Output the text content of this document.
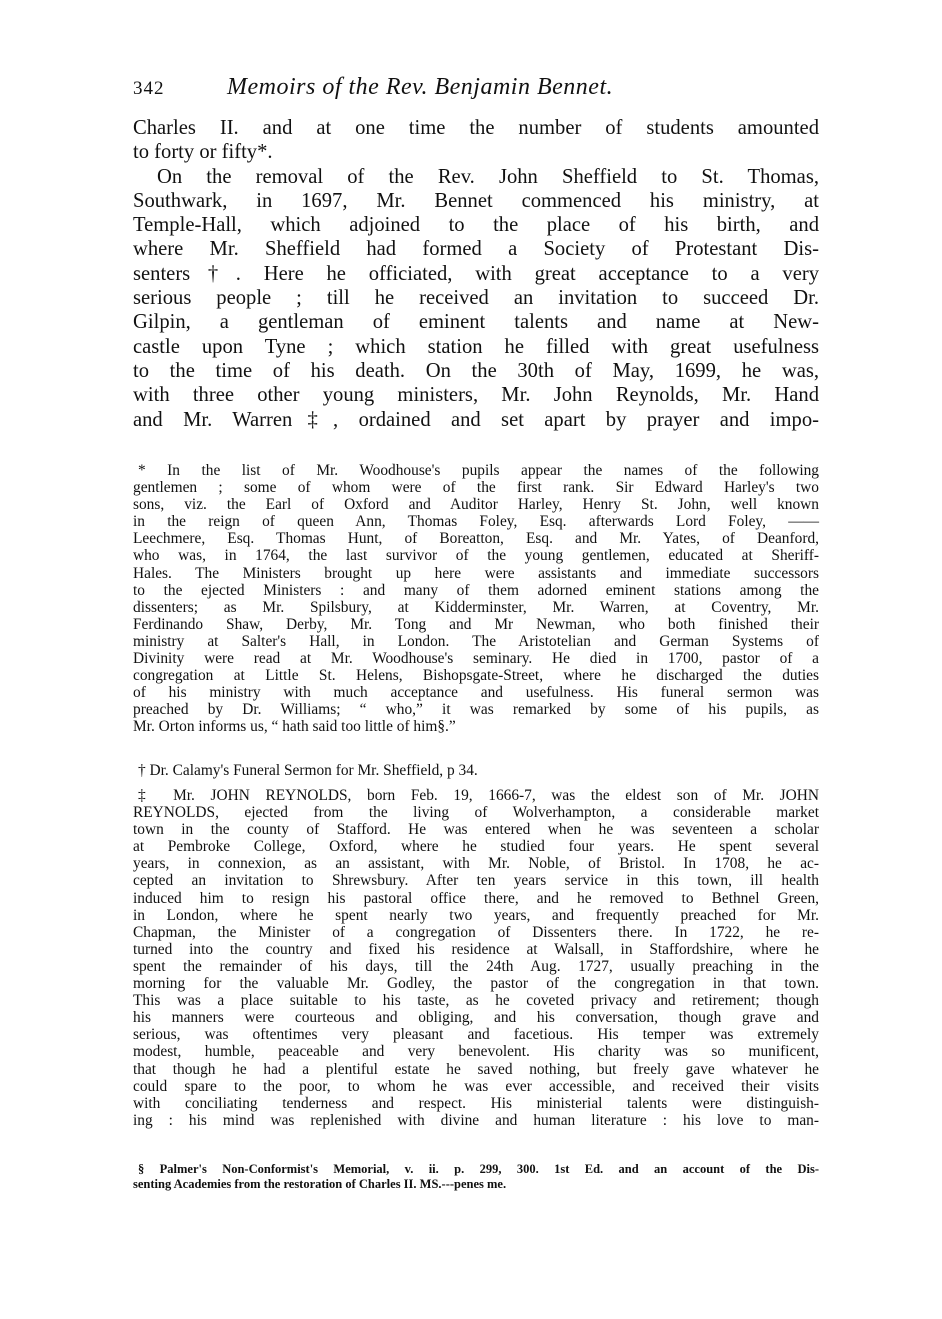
342	Memoirs of the Rev. Benjamin Bennet.
Charles II. and at one time the number of students amounted
to forty or fifty*.
On the removal of the Rev. John Sheffield to St. Thomas,
Southwark, in 1697, Mr. Bennet commenced his ministry, at
Temple-Hall, which adjoined to the place of his birth, and
where Mr. Sheffield had formed a Society of Protestant Dis-
senters†. Here he officiated, with great acceptance to a very
serious people ; till he received an invitation to succeed Dr.
Gilpin, a gentleman of eminent talents and name at New-
castle upon Tyne ; which station he filled with great usefulness
to the time of his death. On the 30th of May, 1699, he was,
with three other young ministers, Mr. John Reynolds, Mr. Hand
and Mr. Warren‡, ordained and set apart by prayer and impo-
* In the list of Mr. Woodhouse's pupils appear the names of the following
gentlemen ; some of whom were of the first rank. Sir Edward Harley's two
sons, viz. the Earl of Oxford and Auditor Harley, Henry St. John, well known
in the reign of queen Ann, Thomas Foley, Esq. afterwards Lord Foley, ——
Leechmere, Esq. Thomas Hunt, of Boreatton, Esq. and Mr. Yates, of Deanford,
who was, in 1764, the last survivor of the young gentlemen, educated at Sheriff-
Hales. The Ministers brought up here were assistants and immediate successors
to the ejected Ministers : and many of them adorned eminent stations among the
dissenters; as Mr. Spilsbury, at Kidderminster, Mr. Warren, at Coventry, Mr.
Ferdinando Shaw, Derby, Mr. Tong and Mr Newman, who both finished their
ministry at Salter's Hall, in London. The Aristotelian and German Systems of
Divinity were read at Mr. Woodhouse's seminary. He died in 1700, pastor of a
congregation at Little St. Helens, Bishopsgate-Street, where he discharged the duties
of his ministry with much acceptance and usefulness. His funeral sermon was
preached by Dr. Williams; “ who,” it was remarked by some of his pupils, as
Mr. Orton informs us, “ hath said too little of him§.”
† Dr. Calamy's Funeral Sermon for Mr. Sheffield, p 34.
‡ Mr. JOHN REYNOLDS, born Feb. 19, 1666-7, was the eldest son of Mr. JOHN
REYNOLDS, ejected from the living of Wolverhampton, a considerable market
town in the county of Stafford. He was entered when he was seventeen a scholar
at Pembroke College, Oxford, where he studied four years. He spent several
years, in connexion, as an assistant, with Mr. Noble, of Bristol. In 1708, he ac-
cepted an invitation to Shrewsbury. After ten years service in this town, ill health
induced him to resign his pastoral office there, and he removed to Bethnel Green,
in London, where he spent nearly two years, and frequently preached for Mr.
Chapman, the Minister of a congregation of Dissenters there. In 1722, he re-
turned into the country and fixed his residence at Walsall, in Staffordshire, where he
spent the remainder of his days, till the 24th Aug. 1727, usually preaching in the
morning for the valuable Mr. Godley, the pastor of the congregation in that town.
This was a place suitable to his taste, as he coveted privacy and retirement; though
his manners were courteous and obliging, and his conversation, though grave and
serious, was oftentimes very pleasant and facetious. His temper was extremely
modest, humble, peaceable and very benevolent. His charity was so munificent,
that though he had a plentiful estate he saved nothing, but freely gave whatever he
could spare to the poor, to whom he was ever accessible, and received their visits
with conciliating tenderness and respect. His ministerial talents were distinguish-
ing : his mind was replenished with divine and human literature : his love to man-
§ Palmer's Non-Conformist's Memorial, v. ii. p. 299, 300. 1st Ed. and an account of the Dis-
senting Academies from the restoration of Charles II. MS.---penes me.
